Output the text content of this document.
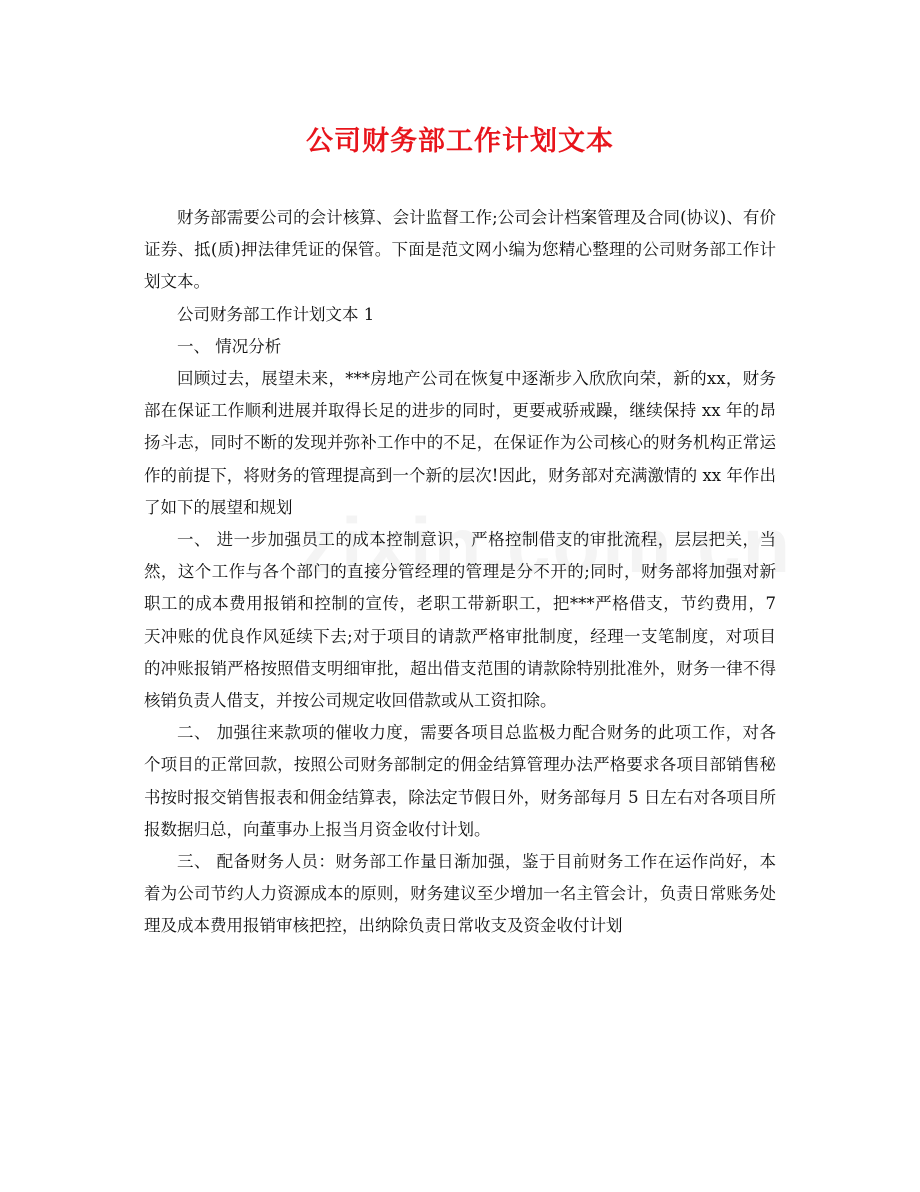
公司财务部工作计划文本

财务部需要公司的会计核算、会计监督工作;公司会计档案管理及合同(协议)、有价证券、抵(质)押法律凭证的保管。下面是范文网小编为您精心整理的公司财务部工作计划文本。

公司财务部工作计划文本 1

一、 情况分析

回顾过去，展望未来，***房地产公司在恢复中逐渐步入欣欣向荣，新的xx，财务部在保证工作顺利进展并取得长足的进步的同时，更要戒骄戒躁，继续保持 xx 年的昂扬斗志，同时不断的发现并弥补工作中的不足，在保证作为公司核心的财务机构正常运作的前提下，将财务的管理提高到一个新的层次!因此，财务部对充满激情的 xx 年作出了如下的展望和规划

一、 进一步加强员工的成本控制意识，严格控制借支的审批流程，层层把关，当然，这个工作与各个部门的直接分管经理的管理是分不开的;同时，财务部将加强对新职工的成本费用报销和控制的宣传，老职工带新职工，把***严格借支，节约费用，7 天冲账的优良作风延续下去;对于项目的请款严格审批制度，经理一支笔制度，对项目的冲账报销严格按照借支明细审批，超出借支范围的请款除特别批准外，财务一律不得核销负责人借支，并按公司规定收回借款或从工资扣除。

二、 加强往来款项的催收力度，需要各项目总监极力配合财务的此项工作，对各个项目的正常回款，按照公司财务部制定的佣金结算管理办法严格要求各项目部销售秘书按时报交销售报表和佣金结算表，除法定节假日外，财务部每月 5 日左右对各项目所报数据归总，向董事办上报当月资金收付计划。

三、 配备财务人员：财务部工作量日渐加强，鉴于目前财务工作在运作尚好，本着为公司节约人力资源成本的原则，财务建议至少增加一名主管会计，负责日常账务处理及成本费用报销审核把控，出纳除负责日常收支及资金收付计划
